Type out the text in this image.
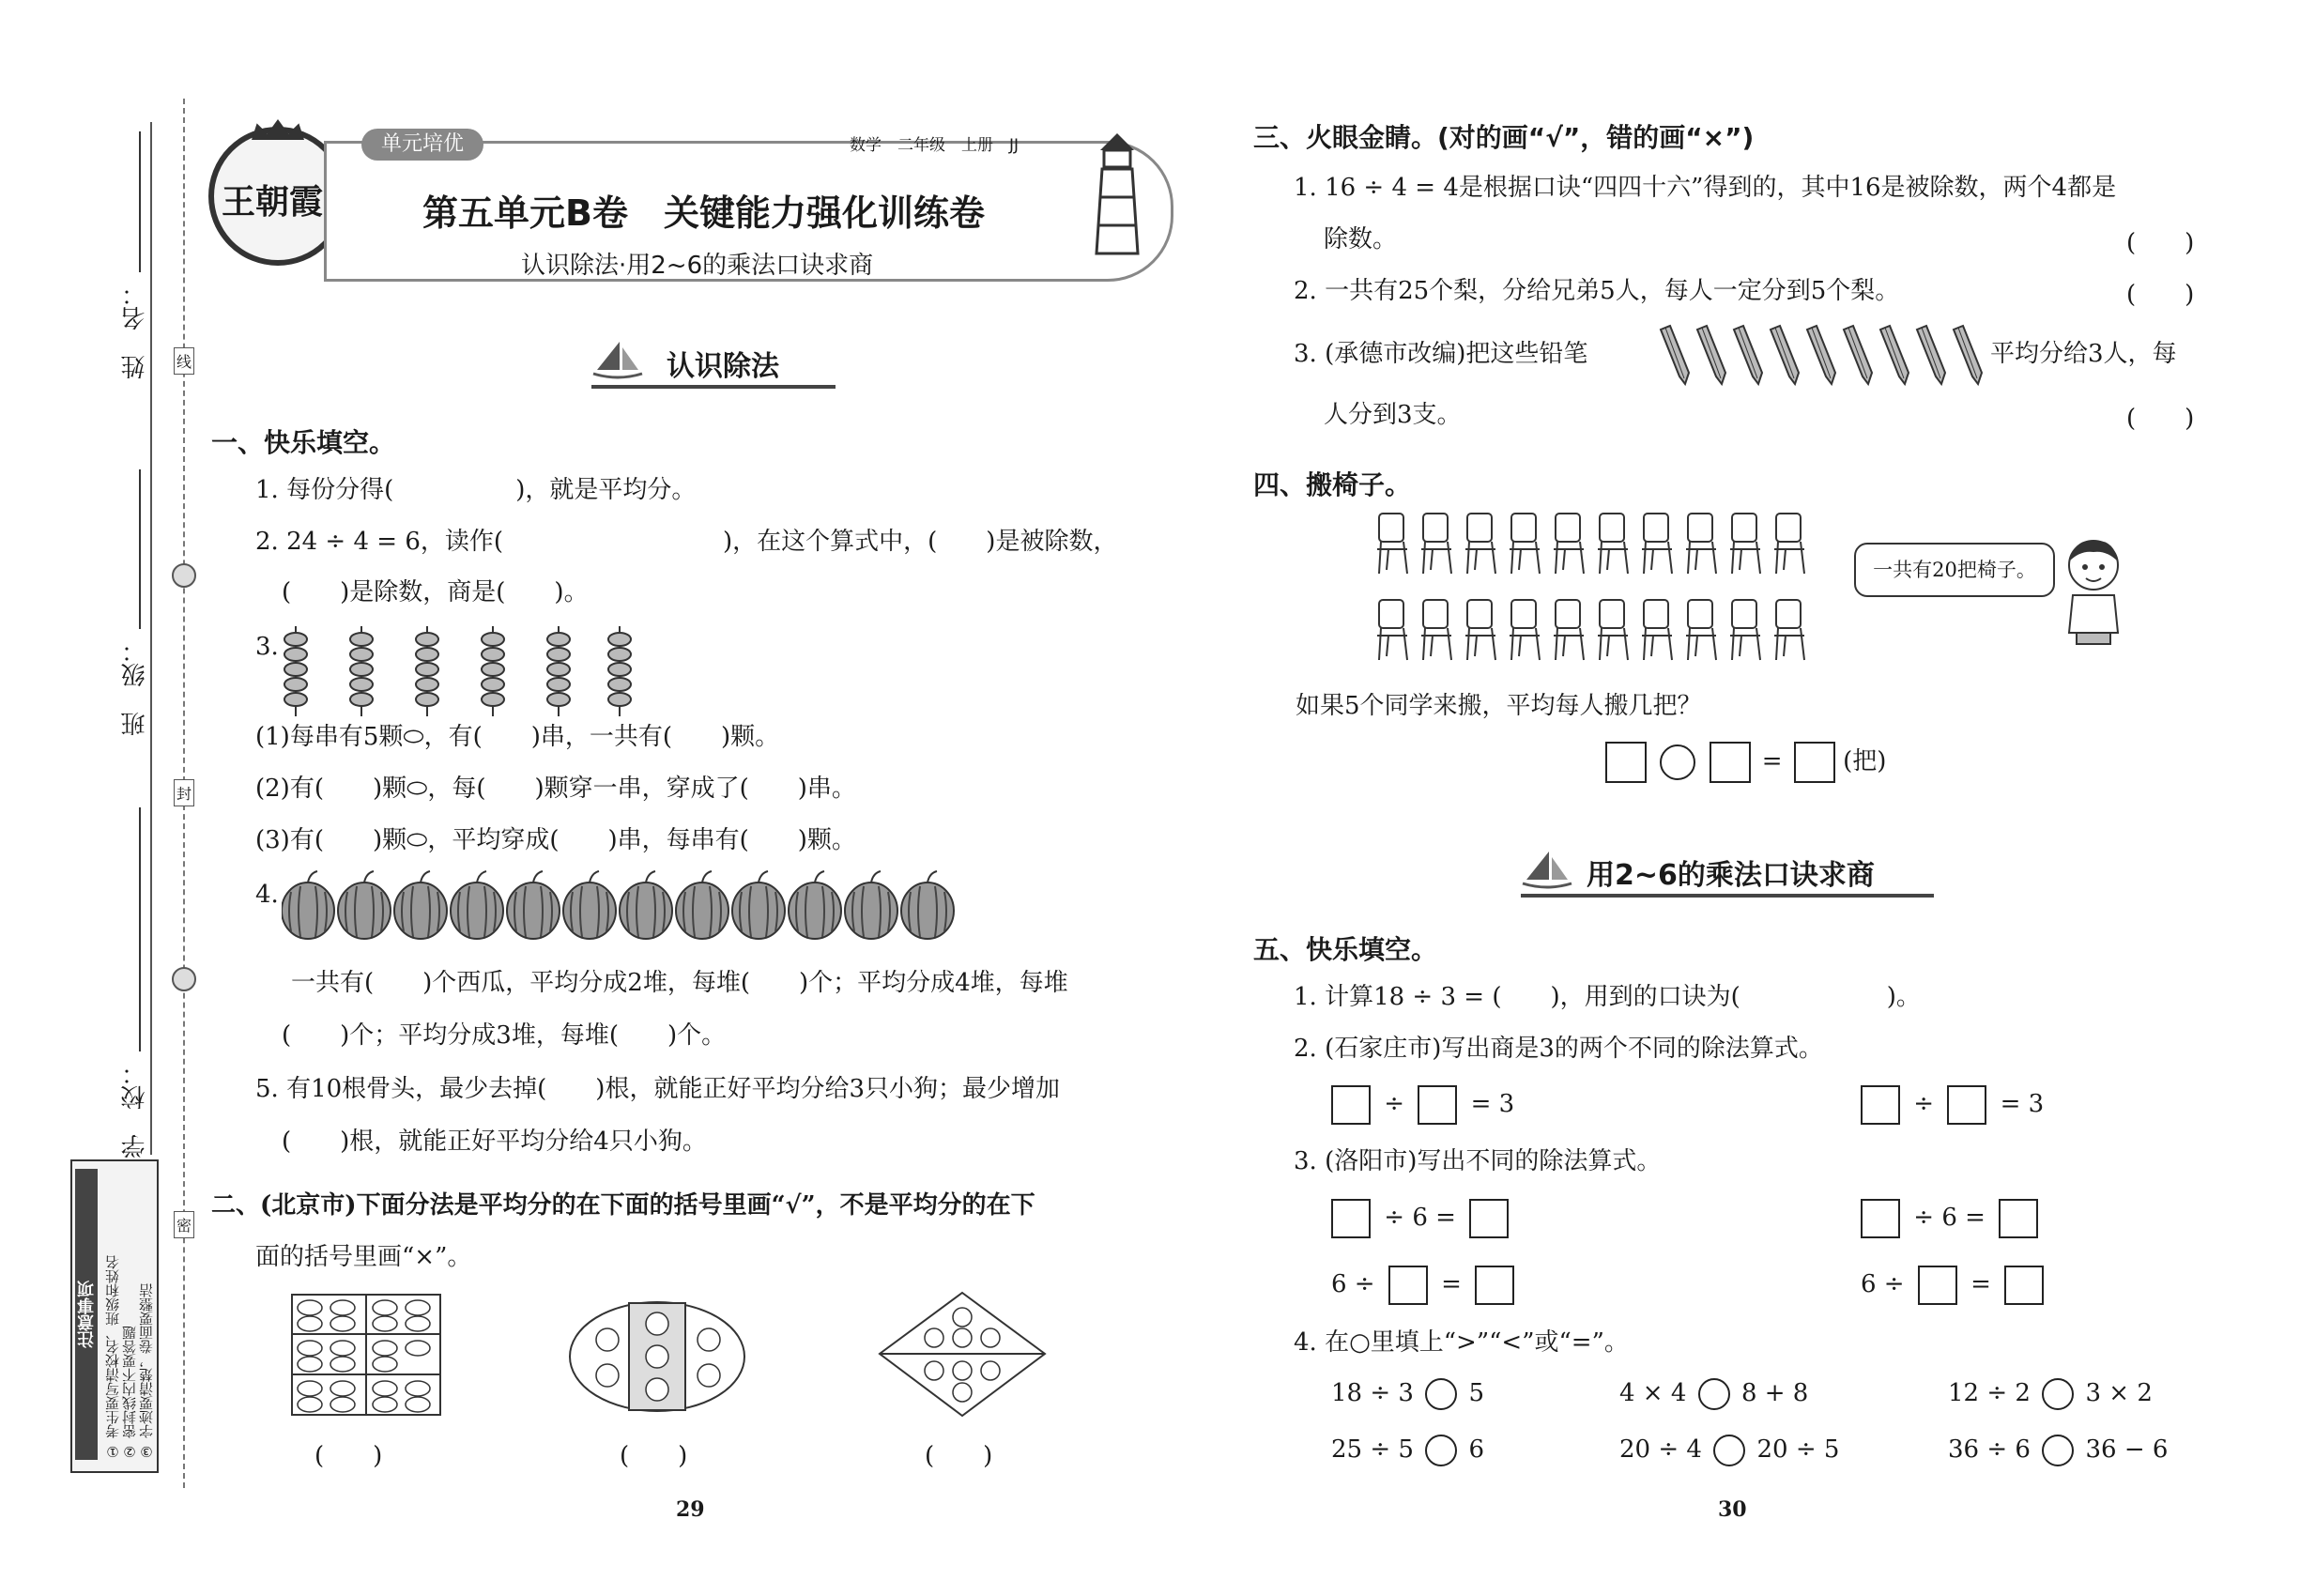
姓　名：
班　级：
学　校：
线
封
密
注意事项 ① 考生要写清校名、班级和姓名 ② 密封线内不要答题 ③ 字迹要清楚，卷面要整洁
王朝霞
单元培优	数学　二年级　上册　JJ
第五单元B卷　关键能力强化训练卷
认识除法·用2~6的乘法口诀求商
认识除法
一、快乐填空。
1. 每份分得(　　　　　)，就是平均分。
2. 24 ÷ 4 = 6，读作(　　　　　　　　　)，在这个算式中，(　　)是被除数，
(　　)是除数，商是(　　)。
3.
(1)每串有5颗⬭，有(　　)串，一共有(　　)颗。
(2)有(　　)颗⬭，每(　　)颗穿一串，穿成了(　　)串。
(3)有(　　)颗⬭，平均穿成(　　)串，每串有(　　)颗。
4.
一共有(　　)个西瓜，平均分成2堆，每堆(　　)个；平均分成4堆，每堆
(　　)个；平均分成3堆，每堆(　　)个。
5. 有10根骨头，最少去掉(　　)根，就能正好平均分给3只小狗；最少增加
(　　)根，就能正好平均分给4只小狗。
二、(北京市)下面分法是平均分的在下面的括号里画“√”，不是平均分的在下
面的括号里画“×”。
(　　)	(　　)	(　　)
29
三、火眼金睛。(对的画“√”，错的画“×”)
1. 16 ÷ 4 = 4是根据口诀“四四十六”得到的，其中16是被除数，两个4都是
除数。	(　　)
2. 一共有25个梨，分给兄弟5人，每人一定分到5个梨。	(　　)
3. (承德市改编)把这些铅笔	平均分给3人，每
人分到3支。	(　　)
四、搬椅子。
一共有20把椅子。
如果5个同学来搬，平均每人搬几把？
= (把)
用2~6的乘法口诀求商
五、快乐填空。
1. 计算18 ÷ 3 = (　　)，用到的口诀为(　　　　　　)。
2. (石家庄市)写出商是3的两个不同的除法算式。
÷	= 3	÷	= 3
3. (洛阳市)写出不同的除法算式。
÷ 6 =	÷ 6 =
6 ÷	=	6 ÷	=
4. 在○里填上“>”“<”或“=”。
18 ÷ 3 5	4 × 4 8 + 8	12 ÷ 2 3 × 2
25 ÷ 5 6	20 ÷ 4 20 ÷ 5	36 ÷ 6 36 − 6
30
